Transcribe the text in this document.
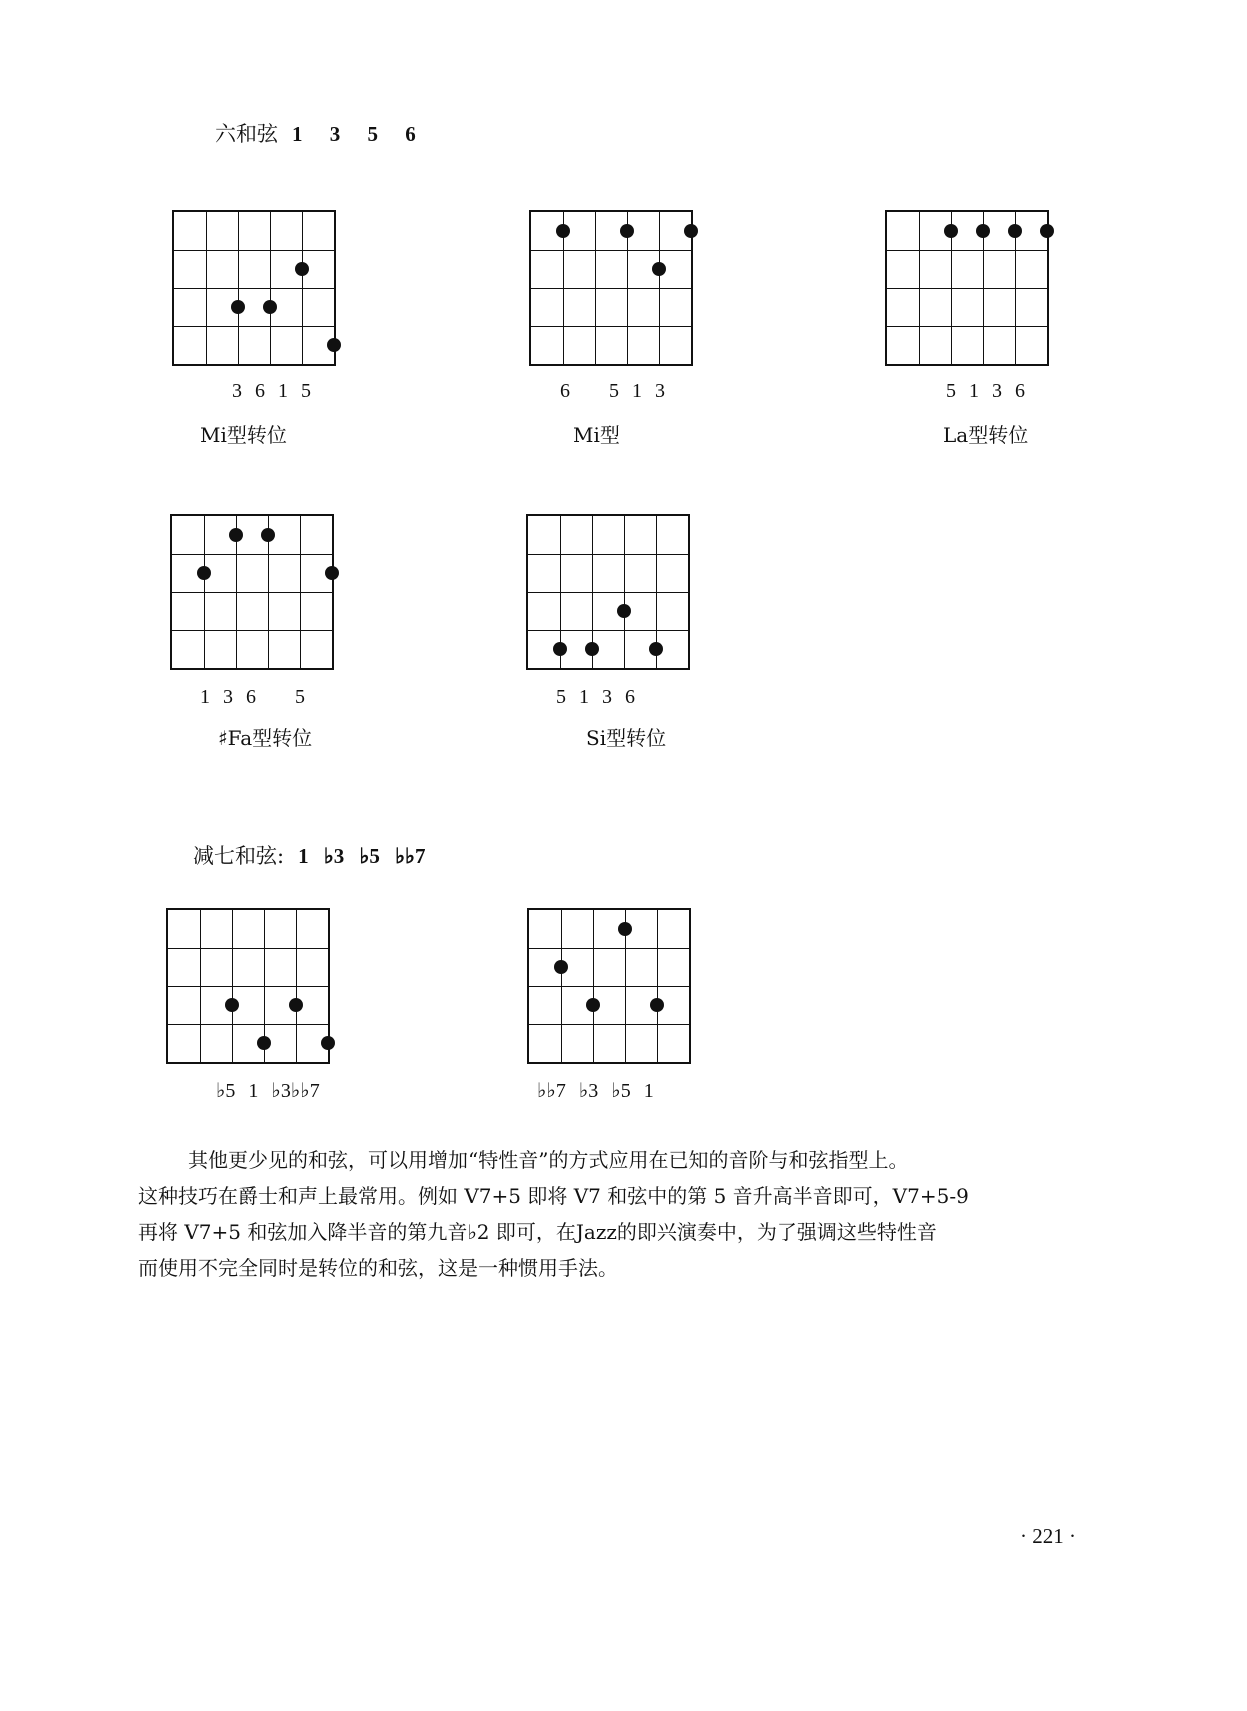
六和弦 1 3 5 6
3 6 1 5
Mi型转位
6   5 1 3
Mi型
5 1 3 6
La型转位
1 3 6   5
♯Fa型转位
5 1 3 6
Si型转位
减七和弦: 1 ♭3 ♭5 ♭♭7
♭5 1 ♭3♭♭7	♭♭7 ♭3 ♭5 1

其他更少见的和弦，可以用增加“特性音”的方式应用在已知的音阶与和弦指型上。

这种技巧在爵士和声上最常用。例如 V7+5 即将 V7 和弦中的第 5 音升高半音即可，V7+5-9

再将 V7+5 和弦加入降半音的第九音♭2 即可，在Jazz的即兴演奏中，为了强调这些特性音

而使用不完全同时是转位的和弦，这是一种惯用手法。

· 221 ·
